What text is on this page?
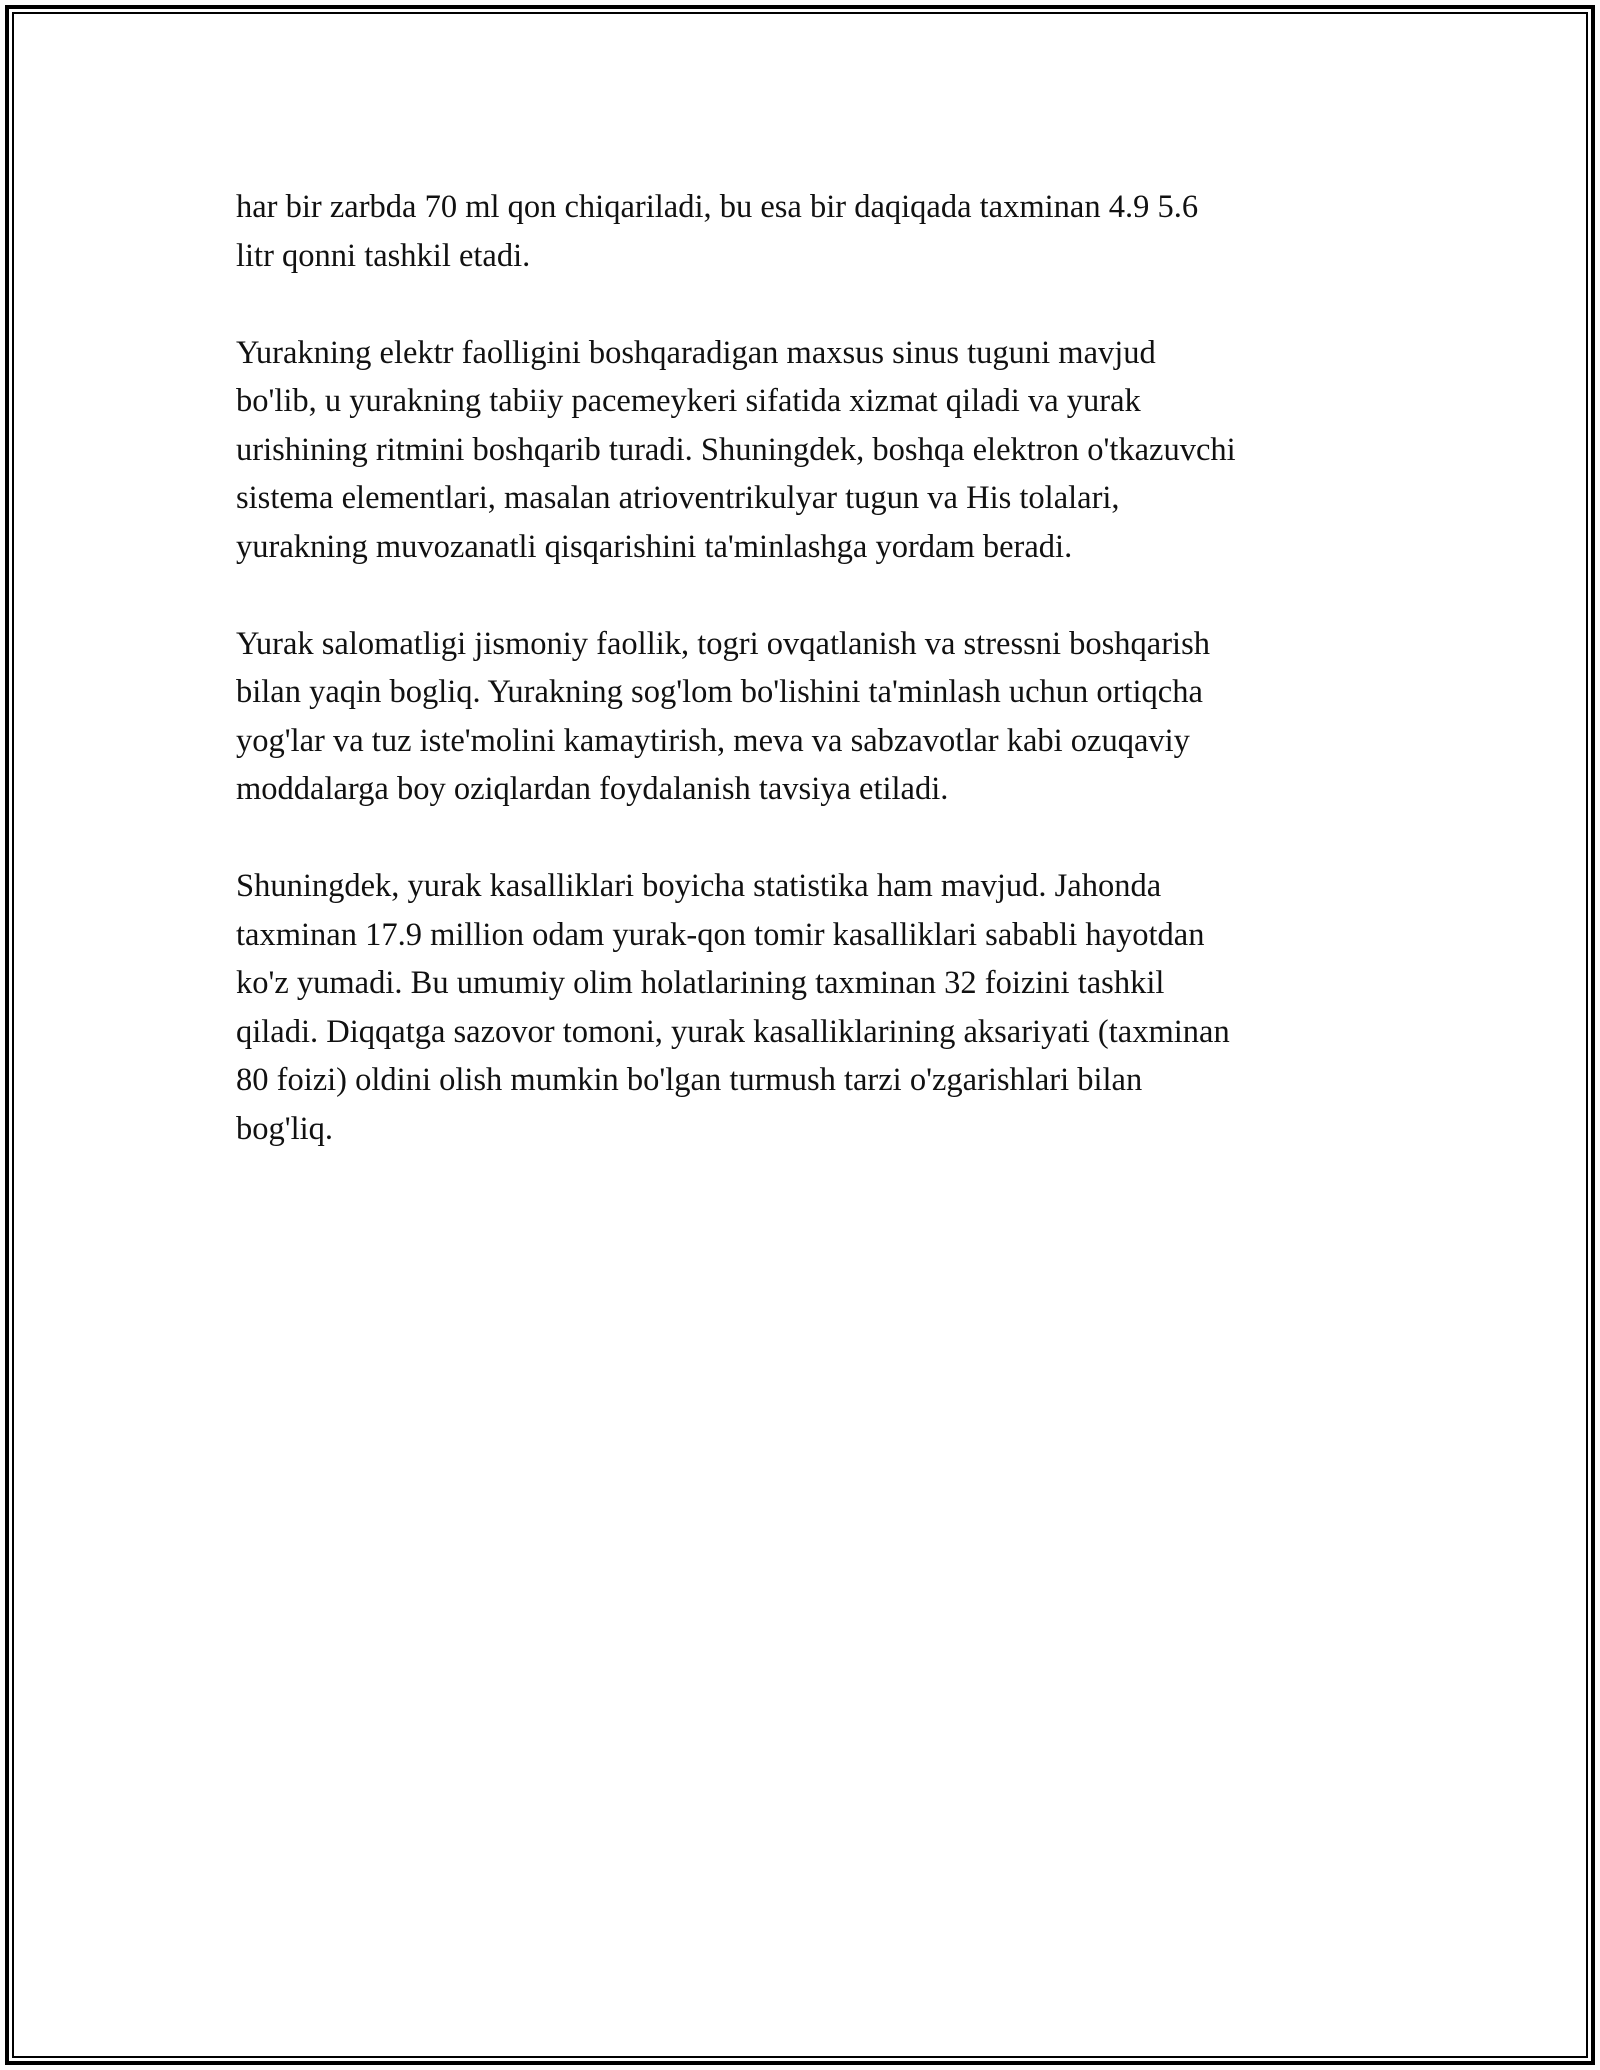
har bir zarbda 70 ml qon chiqariladi, bu esa bir daqiqada taxminan 4.9 5.6
litr qonni tashkil etadi.

Yurakning elektr faolligini boshqaradigan maxsus sinus tuguni mavjud
bo'lib, u yurakning tabiiy pacemeykeri sifatida xizmat qiladi va yurak
urishining ritmini boshqarib turadi. Shuningdek, boshqa elektron o'tkazuvchi
sistema elementlari, masalan atrioventrikulyar tugun va His tolalari,
yurakning muvozanatli qisqarishini ta'minlashga yordam beradi.

Yurak salomatligi jismoniy faollik, togri ovqatlanish va stressni boshqarish
bilan yaqin bogliq. Yurakning sog'lom bo'lishini ta'minlash uchun ortiqcha
yog'lar va tuz iste'molini kamaytirish, meva va sabzavotlar kabi ozuqaviy
moddalarga boy oziqlardan foydalanish tavsiya etiladi.

Shuningdek, yurak kasalliklari boyicha statistika ham mavjud. Jahonda
taxminan 17.9 million odam yurak-qon tomir kasalliklari sababli hayotdan
ko'z yumadi. Bu umumiy olim holatlarining taxminan 32 foizini tashkil
qiladi. Diqqatga sazovor tomoni, yurak kasalliklarining aksariyati (taxminan
80 foizi) oldini olish mumkin bo'lgan turmush tarzi o'zgarishlari bilan
bog'liq.
